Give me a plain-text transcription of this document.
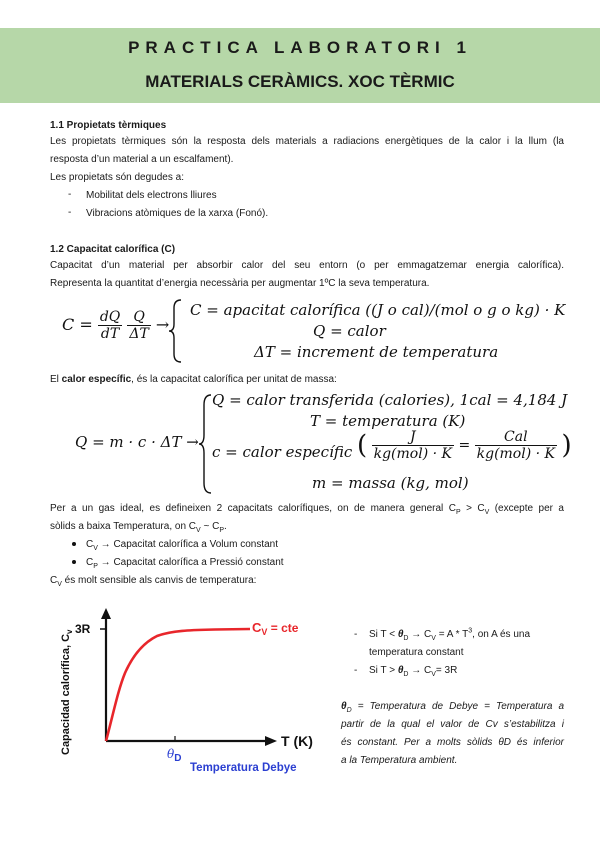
PRACTICA LABORATORI 1
MATERIALS CERÀMICS. XOC TÈRMIC
1.1 Propietats tèrmiques
Les propietats tèrmiques són la resposta dels materials a radiacions energètiques de la calor i la llum (la
resposta d’un material a un escalfament).
Les propietats són degudes a:
- Mobilitat dels electrons lliures
- Vibracions atòmiques de la xarxa (Fonó).
1.2 Capacitat calorífica (C)
Capacitat d’un material per absorbir calor del seu entorn (o per emmagatzemar energia calorífica).
Representa la quantitat d’energia necessària per augmentar 1ºC la seva temperatura.
$C = \frac{dQ}{dT}$
$\frac{Q}{\Delta T}$ →
C = apacitat calorífica ((J o cal)/(mol o g o kg) · K
Q = calor
ΔT = increment de temperatura
El calor específic, és la capacitat calorífica per unitat de massa:
Q = m · c · ΔT →
Q = calor transferida (calories), 1cal = 4,184 J
T = temperatura (K)
c = calor específic ( $\frac{J}{\text{kg(mol) · K}} = \frac{\text{Cal}}{\text{kg(mol) · K}}$ )
m = massa (kg, mol)
Per a un gas ideal, es defineixen 2 capacitats calorífiques, on de manera general $C_P > C_V$ (excepte per a
sòlids a baixa Temperatura, on $C_V$ ~ $C_P$.
$C_V$ → Capacitat calorífica a Volum constant
$C_P$ → Capacitat calorífica a Pressió constant
$C_V$ és molt sensible als canvis de temperatura:
3R	$C_V$ = cte
T (K)
$\theta_D$
Temperatura Debye
Capacidad calorífica, $C_v$	- Si $T < \theta_D \to C_V = A * T^3$, on A és una
temperatura constant
- Si $T > \theta_D \to C_V= 3R$
$\theta_D$ = Temperatura de Debye = Temperatura a
partir de la qual el valor de Cv s’estabilitza i
és constant. Per a molts sòlids θD és inferior
a la Temperatura ambient.
